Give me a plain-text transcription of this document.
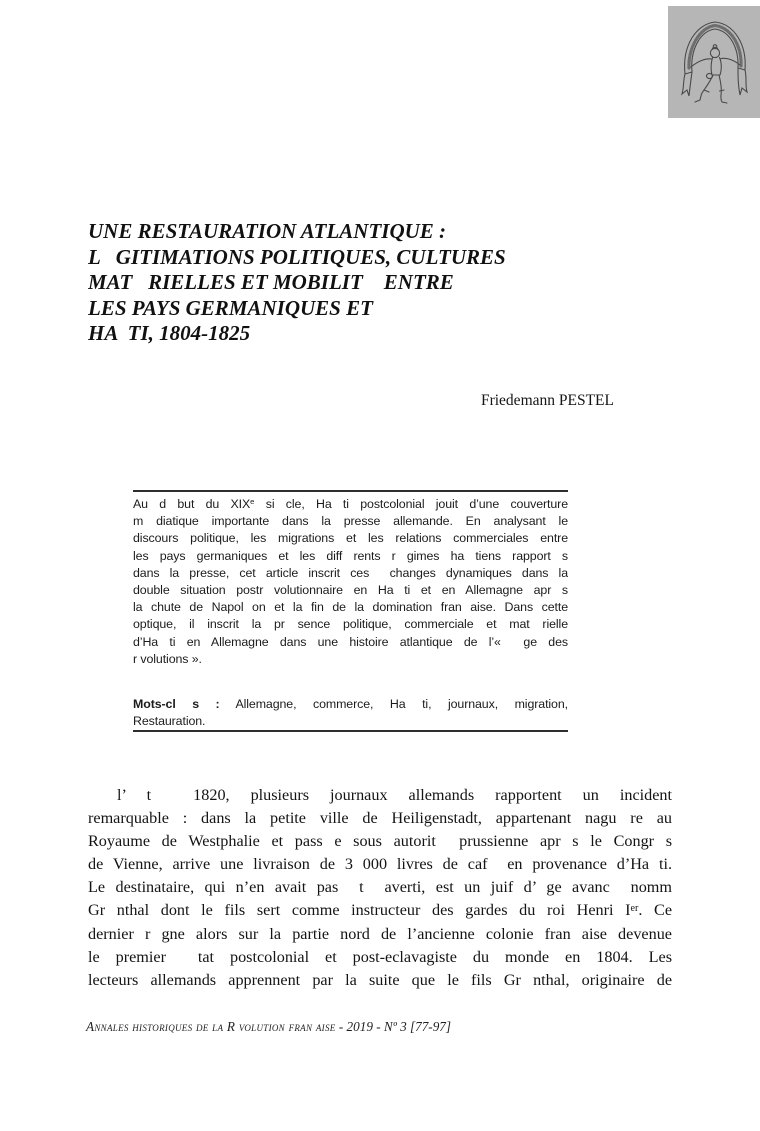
UNE RESTAURATION ATLANTIQUE :
L   GITIMATIONS POLITIQUES, CULTURES
MAT   RIELLES ET MOBILIT    ENTRE
LES PAYS GERMANIQUES ET
HA  TI, 1804-1825
Friedemann PESTEL
Au d but du XIXe si cle, Ha ti postcolonial jouit d’une couverture
m diatique importante dans la presse allemande. En analysant le
discours politique, les migrations et les relations commerciales entre
les pays germaniques et les diff rents r gimes ha tiens rapport s
dans la presse, cet article inscrit ces  changes dynamiques dans la
double situation postr volutionnaire en Ha ti et en Allemagne apr s
la chute de Napol on et la fin de la domination fran aise. Dans cette
optique, il inscrit la pr sence politique, commerciale et mat rielle
d’Ha ti en Allemagne dans une histoire atlantique de l’«  ge des
r volutions ».
Mots-cl s : Allemagne, commerce, Ha ti, journaux, migration,
Restauration.
l’ t  1820, plusieurs journaux allemands rapportent un incident
remarquable : dans la petite ville de Heiligenstadt, appartenant nagu re au
Royaume de Westphalie et pass e sous autorit  prussienne apr s le Congr s
de Vienne, arrive une livraison de 3 000 livres de caf  en provenance d’Ha ti.
Le destinataire, qui n’en avait pas  t  averti, est un juif d’ ge avanc  nomm
Gr nthal dont le fils sert comme instructeur des gardes du roi Henri Ier. Ce
dernier r gne alors sur la partie nord de l’ancienne colonie fran aise devenue
le premier  tat postcolonial et post-eclavagiste du monde en 1804. Les
lecteurs allemands apprennent par la suite que le fils Gr nthal, originaire de
Annales historiques de la R volution fran aise - 2019 - Nº 3 [77-97]
